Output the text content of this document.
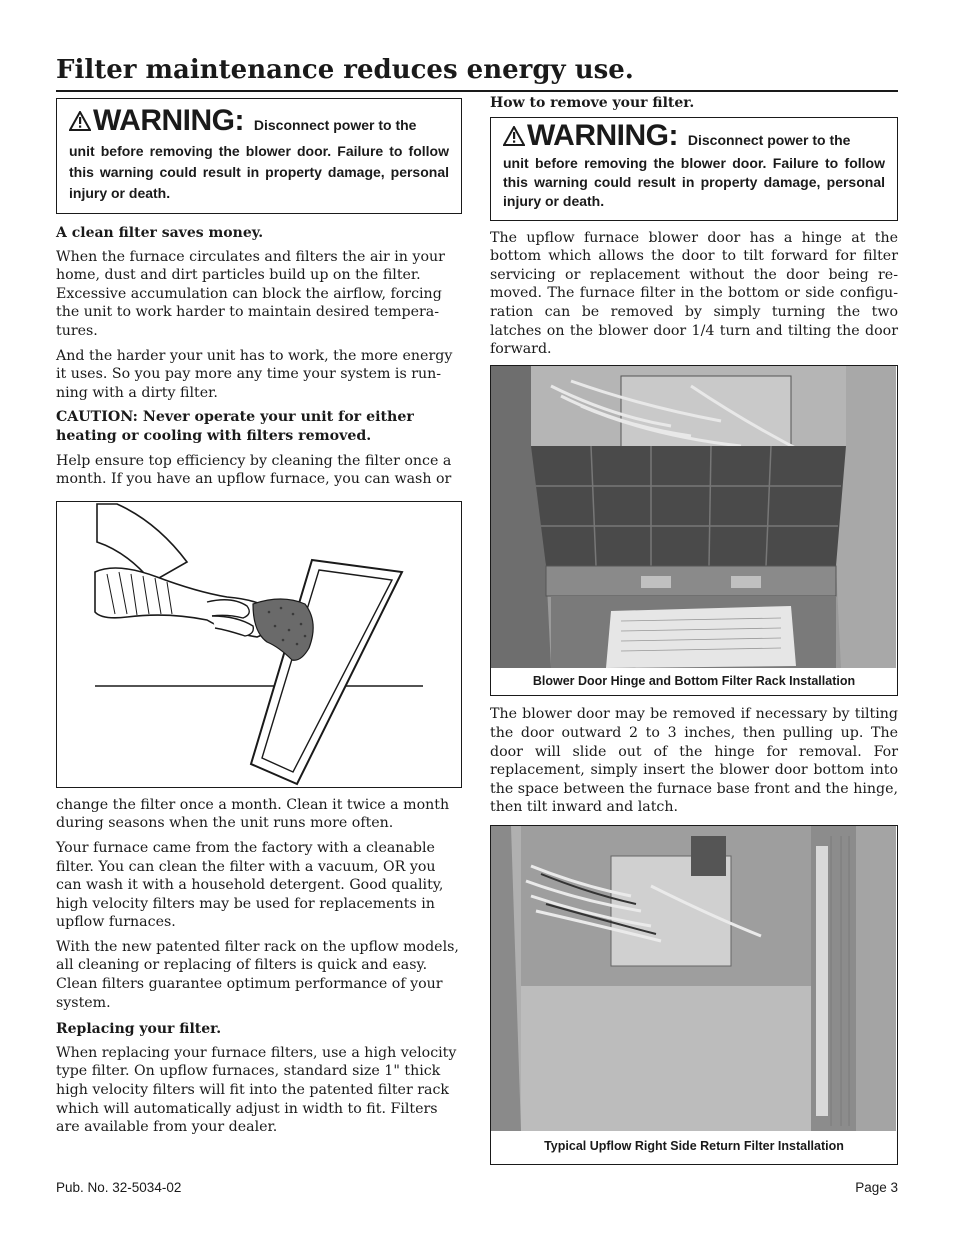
Filter maintenance reduces energy use.
WARNING: Disconnect power to the
unit before removing the blower door. Failure to follow this warning could result in property damage, personal injury or death.
A clean filter saves money.

When the furnace circulates and filters the air in your home, dust and dirt particles build up on the filter. Excessive accumulation can block the airflow, forcing the unit to work harder to maintain desired tempera-tures.

And the harder your unit has to work, the more energy it uses. So you pay more any time your system is run-ning with a dirty filter.

CAUTION: Never operate your unit for either heating or cooling with filters removed.

Help ensure top efficiency by cleaning the filter once a month. If you have an upflow furnace, you can wash or

change the filter once a month. Clean it twice a month during seasons when the unit runs more often.

Your furnace came from the factory with a cleanable filter. You can clean the filter with a vacuum, OR you can wash it with a household detergent. Good quality, high velocity filters may be used for replacements in upflow furnaces.

With the new patented filter rack on the upflow models, all cleaning or replacing of filters is quick and easy. Clean filters guarantee optimum performance of your system.

Replacing your filter.

When replacing your furnace filters, use a high velocity type filter. On upflow furnaces, standard size 1" thick high velocity filters will fit into the patented filter rack which will automatically adjust in width to fit. Filters are available from your dealer.

How to remove your filter.
WARNING: Disconnect power to the
unit before removing the blower door. Failure to follow this warning could result in property damage, personal injury or death.

The upflow furnace blower door has a hinge at the bottom which allows the door to tilt forward for filter servicing or replacement without the door being re-moved. The furnace filter in the bottom or side configu-ration can be removed by simply turning the two latches on the blower door 1/4 turn and tilting the door forward.

Blower Door Hinge and Bottom Filter Rack Installation

The blower door may be removed if necessary by tilting the door outward 2 to 3 inches, then pulling up. The door will slide out of the hinge for removal. For replacement, simply insert the blower door bottom into the space between the furnace base front and the hinge, then tilt inward and latch.

Typical Upflow Right Side Return Filter Installation
Pub. No. 32-5034-02	Page 3
